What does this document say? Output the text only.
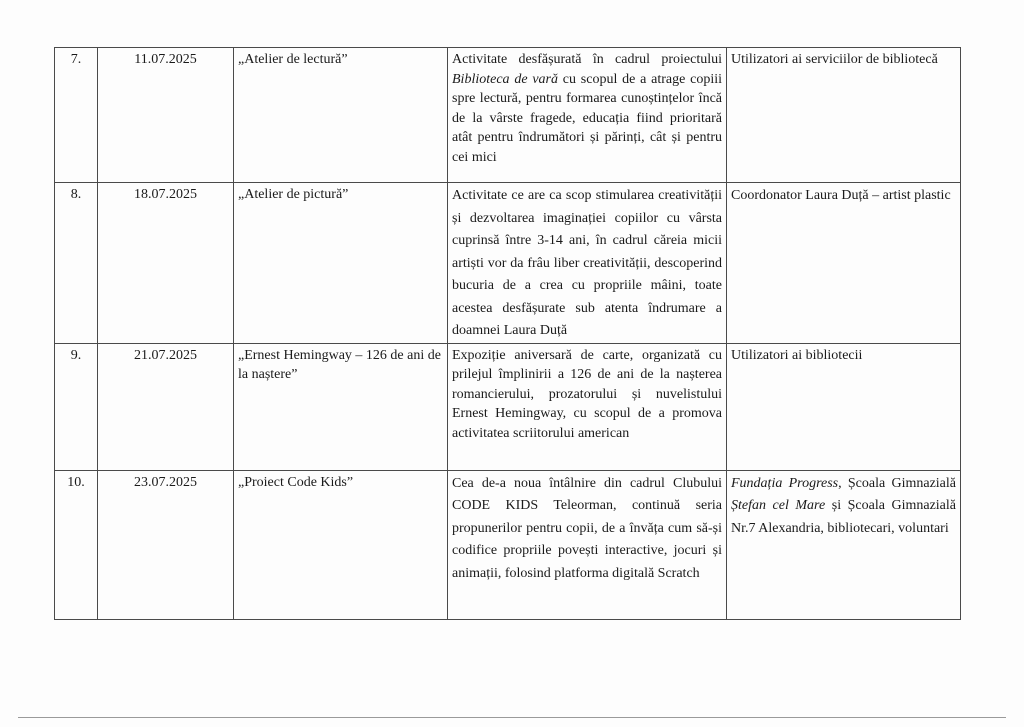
7.	11.07.2025	„Atelier de lectură”	Activitate desfășurată în cadrul proiectului Biblioteca de vară cu scopul de a atrage copiii spre lectură, pentru formarea cunoștințelor încă de la vârste fragede, educația fiind prioritară atât pentru îndrumători și părinți, cât și pentru cei mici	Utilizatori ai serviciilor de bibliotecă
8.	18.07.2025	„Atelier de pictură”	Activitate ce are ca scop stimularea creativității și dezvoltarea imaginației copiilor cu vârsta cuprinsă între 3-14 ani, în cadrul căreia micii artiști vor da frâu liber creativității, descoperind bucuria de a crea cu propriile mâini, toate acestea desfășurate sub atenta îndrumare a doamnei Laura Duță	Coordonator Laura Duță – artist plastic
9.	21.07.2025	„Ernest Hemingway – 126 de ani de la naștere”	Expoziție aniversară de carte, organizată cu prilejul împlinirii a 126 de ani de la nașterea romancierului, prozatorului și nuvelistului Ernest Hemingway, cu scopul de a promova activitatea scriitorului american	Utilizatori ai bibliotecii
10.	23.07.2025	„Proiect Code Kids”	Cea de-a noua întâlnire din cadrul Clubului CODE KIDS Teleorman, continuă seria propunerilor pentru copii, de a învăța cum să-și codifice propriile povești interactive, jocuri și animații, folosind platforma digitală Scratch	Fundația Progress, Școala Gimnazială Ștefan cel Mare și Școala Gimnazială Nr.7 Alexandria, bibliotecari, voluntari
